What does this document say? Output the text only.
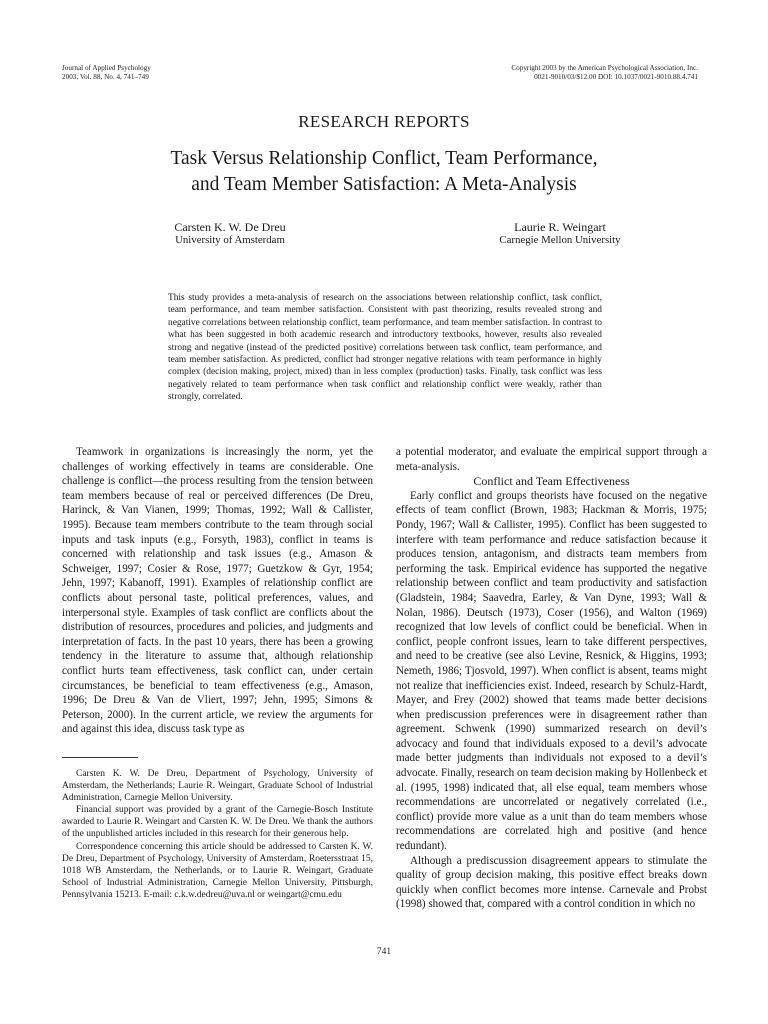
Journal of Applied Psychology
2003, Vol. 88, No. 4, 741–749
Copyright 2003 by the American Psychological Association, Inc.
0021-9010/03/$12.00 DOI: 10.1037/0021-9010.88.4.741
RESEARCH REPORTS
Task Versus Relationship Conflict, Team Performance,
and Team Member Satisfaction: A Meta-Analysis
Carsten K. W. De Dreu
University of Amsterdam
Laurie R. Weingart
Carnegie Mellon University
This study provides a meta-analysis of research on the associations between relationship conflict, task conflict, team performance, and team member satisfaction. Consistent with past theorizing, results revealed strong and negative correlations between relationship conflict, team performance, and team member satisfaction. In contrast to what has been suggested in both academic research and introductory textbooks, however, results also revealed strong and negative (instead of the predicted positive) correlations between task conflict, team performance, and team member satisfaction. As predicted, conflict had stronger negative relations with team performance in highly complex (decision making, project, mixed) than in less complex (production) tasks. Finally, task conflict was less negatively related to team performance when task conflict and relationship conflict were weakly, rather than strongly, correlated.

Teamwork in organizations is increasingly the norm, yet the challenges of working effectively in teams are considerable. One challenge is conflict—the process resulting from the tension between team members because of real or perceived differences (De Dreu, Harinck, & Van Vianen, 1999; Thomas, 1992; Wall & Callister, 1995). Because team members contribute to the team through social inputs and task inputs (e.g., Forsyth, 1983), conflict in teams is concerned with relationship and task issues (e.g., Amason & Schweiger, 1997; Cosier & Rose, 1977; Guetzkow & Gyr, 1954; Jehn, 1997; Kabanoff, 1991). Examples of relationship conflict are conflicts about personal taste, political preferences, values, and interpersonal style. Examples of task conflict are conflicts about the distribution of resources, procedures and policies, and judgments and interpretation of facts. In the past 10 years, there has been a growing tendency in the literature to assume that, although relationship conflict hurts team effectiveness, task conflict can, under certain circumstances, be beneficial to team effectiveness (e.g., Amason, 1996; De Dreu & Van de Vliert, 1997; Jehn, 1995; Simons & Peterson, 2000). In the current article, we review the arguments for and against this idea, discuss task type as

a potential moderator, and evaluate the empirical support through a meta-analysis.

Conflict and Team Effectiveness

Early conflict and groups theorists have focused on the negative effects of team conflict (Brown, 1983; Hackman & Morris, 1975; Pondy, 1967; Wall & Callister, 1995). Conflict has been suggested to interfere with team performance and reduce satisfaction because it produces tension, antagonism, and distracts team members from performing the task. Empirical evidence has supported the negative relationship between conflict and team productivity and satisfaction (Gladstein, 1984; Saavedra, Earley, & Van Dyne, 1993; Wall & Nolan, 1986). Deutsch (1973), Coser (1956), and Walton (1969) recognized that low levels of conflict could be beneficial. When in conflict, people confront issues, learn to take different perspectives, and need to be creative (see also Levine, Resnick, & Higgins, 1993; Nemeth, 1986; Tjosvold, 1997). When conflict is absent, teams might not realize that inefficiencies exist. Indeed, research by Schulz-Hardt, Mayer, and Frey (2002) showed that teams made better decisions when prediscussion preferences were in disagreement rather than agreement. Schwenk (1990) summarized research on devil’s advocacy and found that individuals exposed to a devil’s advocate made better judgments than individuals not exposed to a devil’s advocate. Finally, research on team decision making by Hollenbeck et al. (1995, 1998) indicated that, all else equal, team members whose recommendations are uncorrelated or negatively correlated (i.e., conflict) provide more value as a unit than do team members whose recommendations are correlated high and positive (and hence redundant).

Although a prediscussion disagreement appears to stimulate the quality of group decision making, this positive effect breaks down quickly when conflict becomes more intense. Carnevale and Probst (1998) showed that, compared with a control condition in which no

Carsten K. W. De Dreu, Department of Psychology, University of Amsterdam, the Netherlands; Laurie R. Weingart, Graduate School of Industrial Administration, Carnegie Mellon University.

Financial support was provided by a grant of the Carnegie-Bosch Institute awarded to Laurie R. Weingart and Carsten K. W. De Dreu. We thank the authors of the unpublished articles included in this research for their generous help.

Correspondence concerning this article should be addressed to Carsten K. W. De Dreu, Department of Psychology, University of Amsterdam, Roetersstraat 15, 1018 WB Amsterdam, the Netherlands, or to Laurie R. Weingart, Graduate School of Industrial Administration, Carnegie Mellon University, Pittsburgh, Pennsylvania 15213. E-mail: c.k.w.dedreu@uva.nl or weingart@cmu.edu

741
